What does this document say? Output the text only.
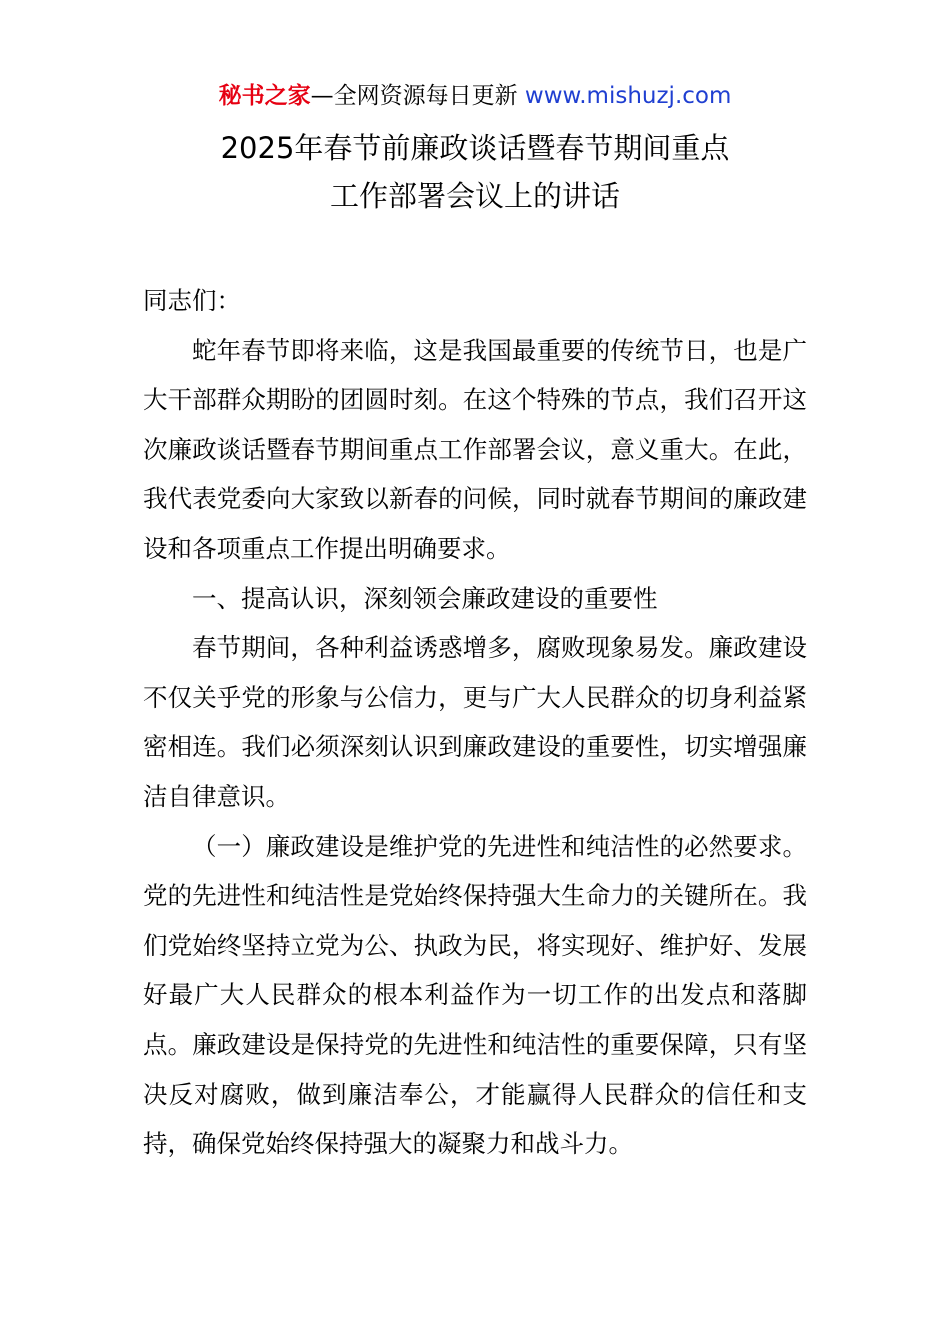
秘书之家—全网资源每日更新 www.mishuzj.com
2025年春节前廉政谈话暨春节期间重点
工作部署会议上的讲话

同志们：

蛇年春节即将来临，这是我国最重要的传统节日，也是广大干部群众期盼的团圆时刻。在这个特殊的节点，我们召开这次廉政谈话暨春节期间重点工作部署会议，意义重大。在此，我代表党委向大家致以新春的问候，同时就春节期间的廉政建设和各项重点工作提出明确要求。

一、提高认识，深刻领会廉政建设的重要性

春节期间，各种利益诱惑增多，腐败现象易发。廉政建设不仅关乎党的形象与公信力，更与广大人民群众的切身利益紧密相连。我们必须深刻认识到廉政建设的重要性，切实增强廉洁自律意识。

（一）廉政建设是维护党的先进性和纯洁性的必然要求。党的先进性和纯洁性是党始终保持强大生命力的关键所在。我们党始终坚持立党为公、执政为民，将实现好、维护好、发展好最广大人民群众的根本利益作为一切工作的出发点和落脚点。廉政建设是保持党的先进性和纯洁性的重要保障，只有坚决反对腐败，做到廉洁奉公，才能赢得人民群众的信任和支持，确保党始终保持强大的凝聚力和战斗力。
